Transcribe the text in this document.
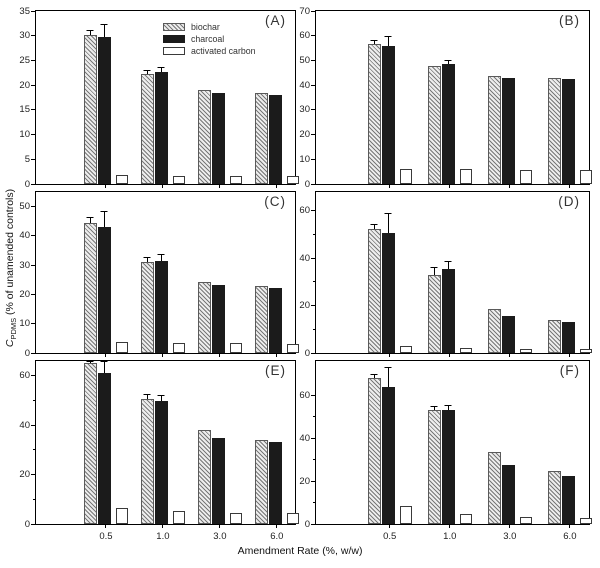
(A)
0
5
10
15
20
25
30
35
(B)
0
10
20
30
40
50
60
70
(C)
0
10
20
30
40
50	(D)
0
20
40
60
(E)
0
20
40
60
0.5	1.0	3.0	6.0
(F)
0
20
40
60
0.5	1.0	3.0	6.0
biochar
charcoal
activated carbon
$C_{PDMS}$ (% of unamended controls)
Amendment Rate (%, w/w)
